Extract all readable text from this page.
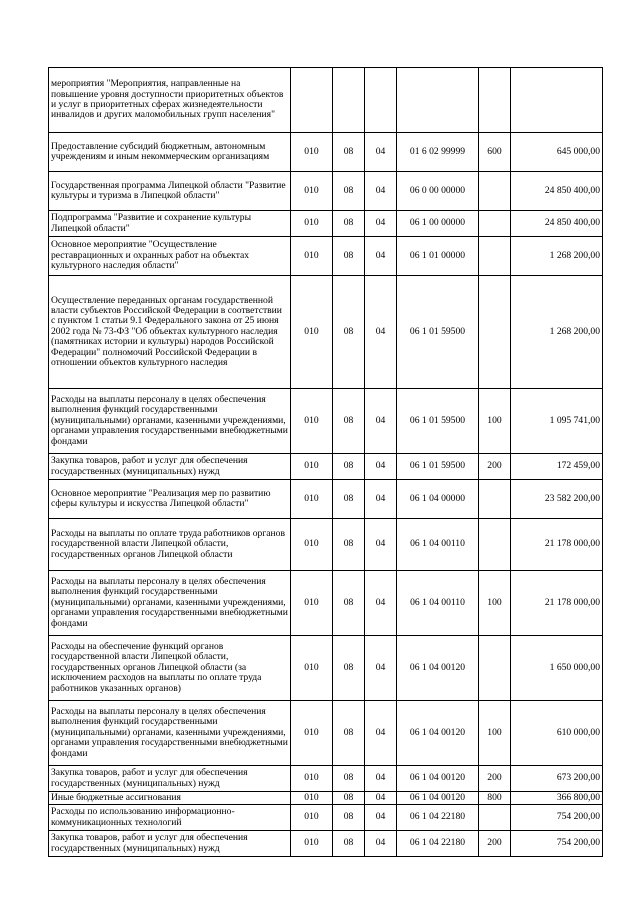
мероприятия "Мероприятия, направленные на повышение уровня доступности приоритетных объектов и услуг в приоритетных сферах жизнедеятельности инвалидов и других маломобильных групп населения"						
Предоставление субсидий бюджетным, автономным учреждениям и иным некоммерческим организациям	010	08	04	01 6 02 99999	600	645 000,00
Государственная программа Липецкой области "Развитие культуры и туризма в Липецкой области"	010	08	04	06 0 00 00000		24 850 400,00
Подпрограмма "Развитие и сохранение культуры Липецкой области"	010	08	04	06 1 00 00000		24 850 400,00
Основное мероприятие "Осуществление реставрационных и охранных работ на объектах культурного наследия области"	010	08	04	06 1 01 00000		1 268 200,00
Осуществление переданных органам государственной власти субъектов Российской Федерации в соответствии с пунктом 1 статьи 9.1 Федерального закона от 25 июня 2002 года № 73-ФЗ "Об объектах культурного наследия (памятниках истории и культуры) народов Российской Федерации" полномочий Российской Федерации в отношении объектов культурного наследия	010	08	04	06 1 01 59500		1 268 200,00
Расходы на выплаты персоналу в целях обеспечения выполнения функций государственными (муниципальными) органами, казенными учреждениями, органами управления государственными внебюджетными фондами	010	08	04	06 1 01 59500	100	1 095 741,00
Закупка товаров, работ и услуг для обеспечения государственных (муниципальных) нужд	010	08	04	06 1 01 59500	200	172 459,00
Основное мероприятие "Реализация мер по развитию сферы культуры и искусства Липецкой области"	010	08	04	06 1 04 00000		23 582 200,00
Расходы на выплаты по оплате труда работников органов государственной власти Липецкой области, государственных органов Липецкой области	010	08	04	06 1 04 00110		21 178 000,00
Расходы на выплаты персоналу в целях обеспечения выполнения функций государственными (муниципальными) органами, казенными учреждениями, органами управления государственными внебюджетными фондами	010	08	04	06 1 04 00110	100	21 178 000,00
Расходы на обеспечение функций органов государственной власти Липецкой области, государственных органов Липецкой области (за исключением расходов на выплаты по оплате труда работников указанных органов)	010	08	04	06 1 04 00120		1 650 000,00
Расходы на выплаты персоналу в целях обеспечения выполнения функций государственными (муниципальными) органами, казенными учреждениями, органами управления государственными внебюджетными фондами	010	08	04	06 1 04 00120	100	610 000,00
Закупка товаров, работ и услуг для обеспечения государственных (муниципальных) нужд	010	08	04	06 1 04 00120	200	673 200,00
Иные бюджетные ассигнования	010	08	04	06 1 04 00120	800	366 800,00
Расходы по использованию информационно-коммуникационных технологий	010	08	04	06 1 04 22180		754 200,00
Закупка товаров, работ и услуг для обеспечения государственных (муниципальных) нужд	010	08	04	06 1 04 22180	200	754 200,00
